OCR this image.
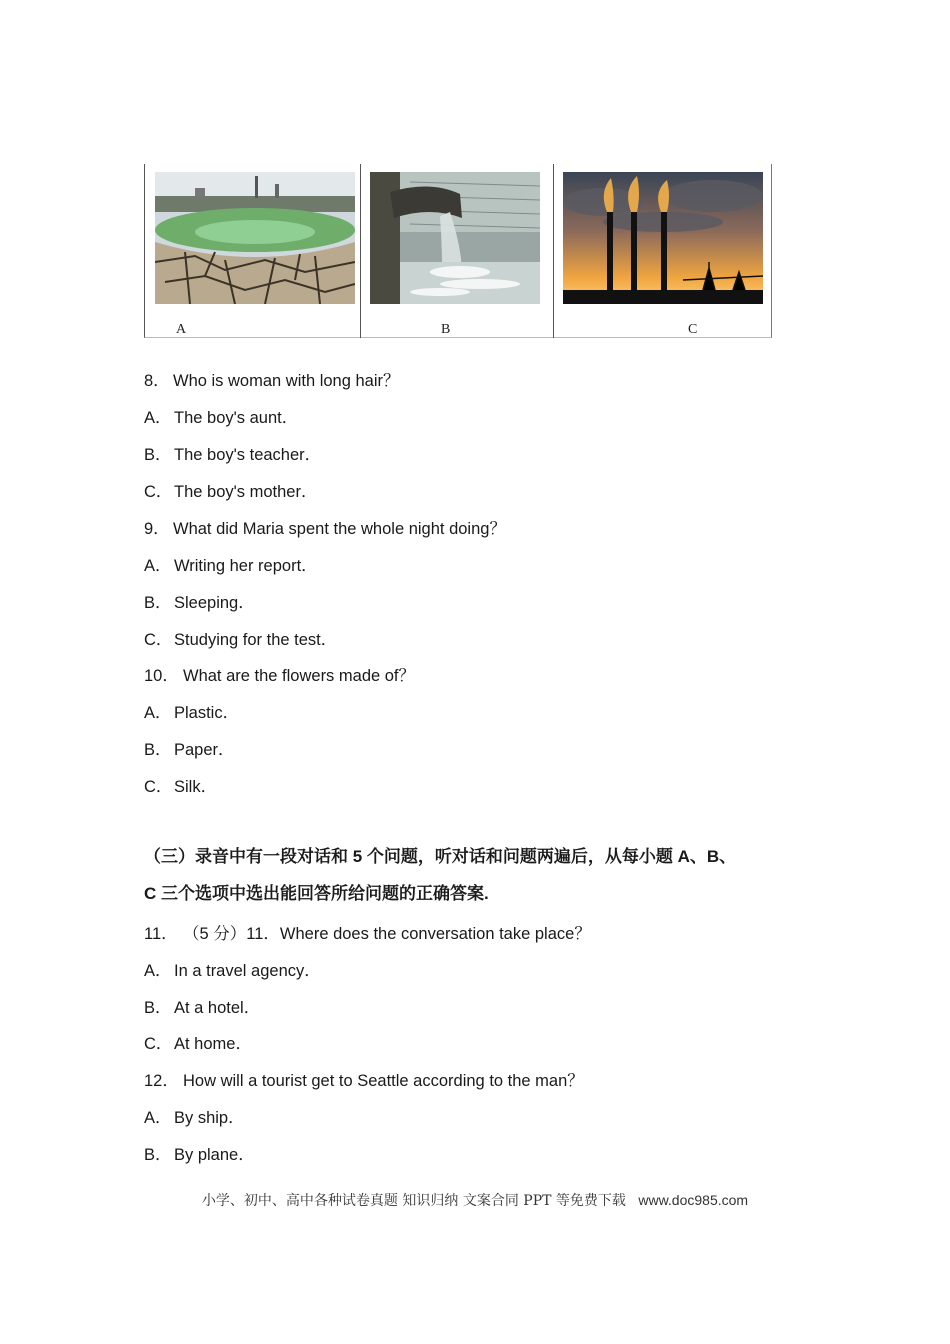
A	B	C
8． Who is woman with long hair？
A． The boy's aunt．
B． The boy's teacher．
C．The boy's mother．
9． What did Maria spent the whole night doing？
A． Writing her report．
B． Sleeping．
C．Studying for the test．
10． What are the flowers made of？
A． Plastic．
B． Paper．
C．Silk．
（三）录音中有一段对话和 5 个问题，听对话和问题两遍后，从每小题 A、B、
C 三个选项中选出能回答所给问题的正确答案.
11． （5 分）11．Where does the conversation take place？
A． In a travel agency．
B． At a hotel．
C．At home．
12． How will a tourist get to Seattle according to the man？
A． By ship．
B． By plane．
小学、初中、高中各种试卷真题 知识归纳 文案合同 PPT 等免费下载 www.doc985.com
